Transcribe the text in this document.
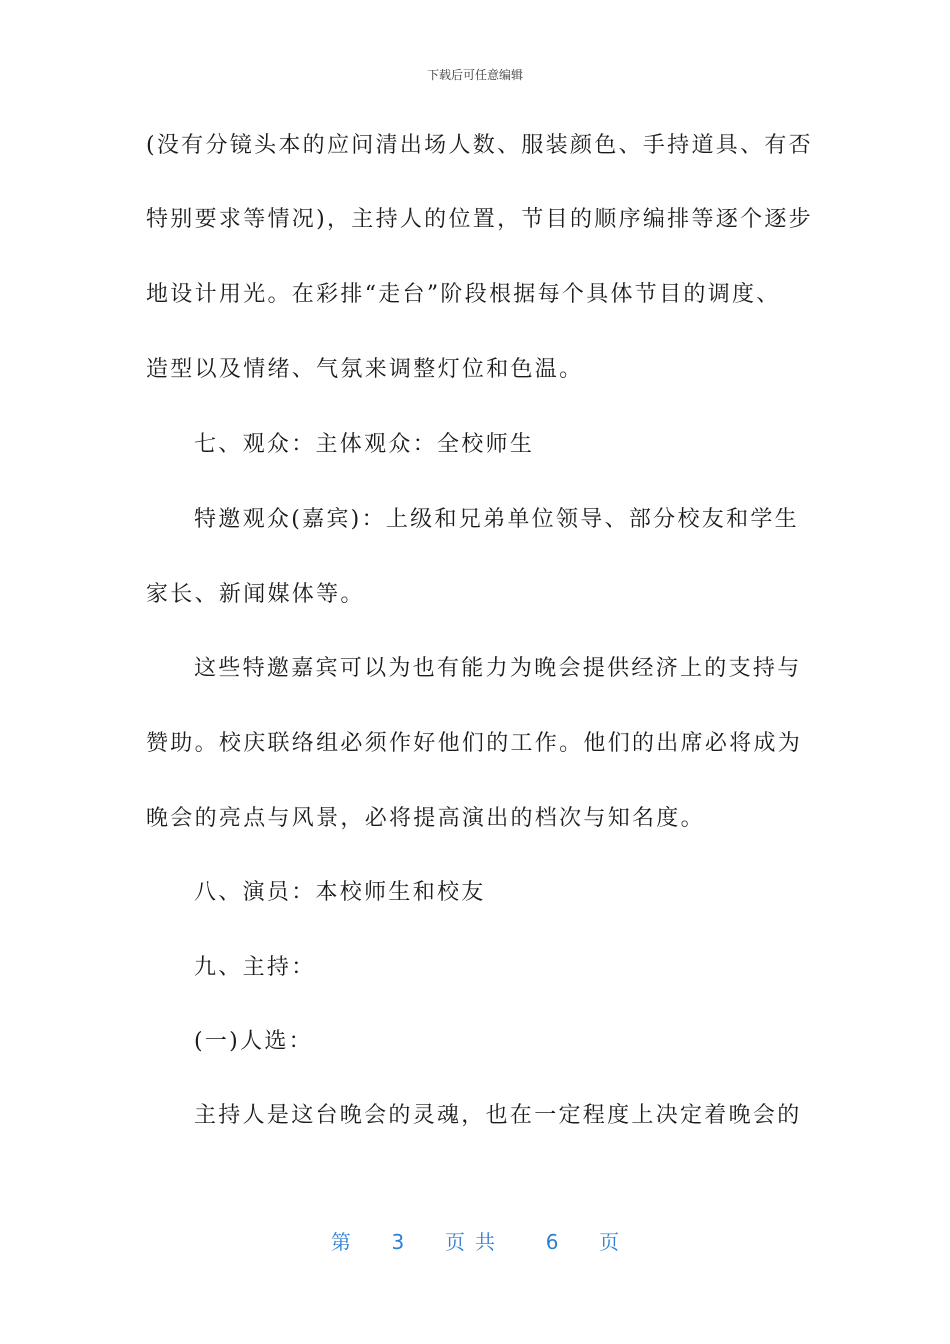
下载后可任意编辑
(没有分镜头本的应问清出场人数、服装颜色、手持道具、有否
特别要求等情况)，主持人的位置，节目的顺序编排等逐个逐步
地设计用光。在彩排“走台”阶段根据每个具体节目的调度、
造型以及情绪、气氛来调整灯位和色温。
七、观众：主体观众：全校师生
特邀观众(嘉宾)：上级和兄弟单位领导、部分校友和学生
家长、新闻媒体等。
这些特邀嘉宾可以为也有能力为晚会提供经济上的支持与
赞助。校庆联络组必须作好他们的工作。他们的出席必将成为
晚会的亮点与风景，必将提高演出的档次与知名度。
八、演员：本校师生和校友
九、主持：
(一)人选：
主持人是这台晚会的灵魂，也在一定程度上决定着晚会的
第 3 页共 6 页
